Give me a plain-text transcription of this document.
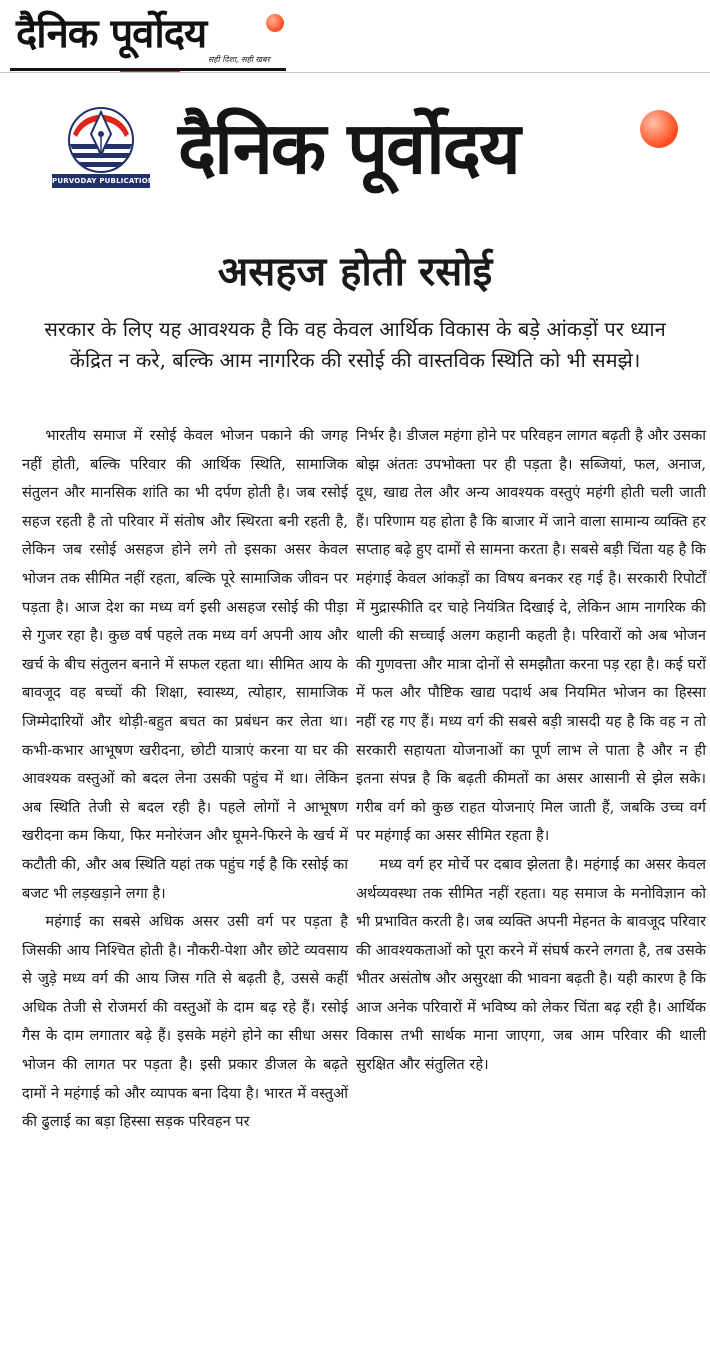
दैनिक पूर्वोदय
सही दिशा, सही खबर
PURVODAY PUBLICATIONS दैनिक पूर्वोदय
असहज होती रसोई
सरकार के लिए यह आवश्यक है कि वह केवल आर्थिक विकास के बड़े आंकड़ों पर ध्यान केंद्रित न करे, बल्कि आम नागरिक की रसोई की वास्तविक स्थिति को भी समझे।

भारतीय समाज में रसोई केवल भोजन पकाने की जगह नहीं होती, बल्कि परिवार की आर्थिक स्थिति, सामाजिक संतुलन और मानसिक शांति का भी दर्पण होती है। जब रसोई सहज रहती है तो परिवार में संतोष और स्थिरता बनी रहती है, लेकिन जब रसोई असहज होने लगे तो इसका असर केवल भोजन तक सीमित नहीं रहता, बल्कि पूरे सामाजिक जीवन पर पड़ता है। आज देश का मध्य वर्ग इसी असहज रसोई की पीड़ा से गुजर रहा है। कुछ वर्ष पहले तक मध्य वर्ग अपनी आय और खर्च के बीच संतुलन बनाने में सफल रहता था। सीमित आय के बावजूद वह बच्चों की शिक्षा, स्वास्थ्य, त्योहार, सामाजिक जिम्मेदारियों और थोड़ी-बहुत बचत का प्रबंधन कर लेता था। कभी-कभार आभूषण खरीदना, छोटी यात्राएं करना या घर की आवश्यक वस्तुओं को बदल लेना उसकी पहुंच में था। लेकिन अब स्थिति तेजी से बदल रही है। पहले लोगों ने आभूषण खरीदना कम किया, फिर मनोरंजन और घूमने-फिरने के खर्च में कटौती की, और अब स्थिति यहां तक पहुंच गई है कि रसोई का बजट भी लड़खड़ाने लगा है।

महंगाई का सबसे अधिक असर उसी वर्ग पर पड़ता है जिसकी आय निश्चित होती है। नौकरी-पेशा और छोटे व्यवसाय से जुड़े मध्य वर्ग की आय जिस गति से बढ़ती है, उससे कहीं अधिक तेजी से रोजमर्रा की वस्तुओं के दाम बढ़ रहे हैं। रसोई गैस के दाम लगातार बढ़े हैं। इसके महंगे होने का सीधा असर भोजन की लागत पर पड़ता है। इसी प्रकार डीजल के बढ़ते दामों ने महंगाई को और व्यापक बना दिया है। भारत में वस्तुओं की ढुलाई का बड़ा हिस्सा सड़क परिवहन पर

निर्भर है। डीजल महंगा होने पर परिवहन लागत बढ़ती है और उसका बोझ अंततः उपभोक्ता पर ही पड़ता है। सब्जियां, फल, अनाज, दूध, खाद्य तेल और अन्य आवश्यक वस्तुएं महंगी होती चली जाती हैं। परिणाम यह होता है कि बाजार में जाने वाला सामान्य व्यक्ति हर सप्ताह बढ़े हुए दामों से सामना करता है। सबसे बड़ी चिंता यह है कि महंगाई केवल आंकड़ों का विषय बनकर रह गई है। सरकारी रिपोर्टों में मुद्रास्फीति दर चाहे नियंत्रित दिखाई दे, लेकिन आम नागरिक की थाली की सच्चाई अलग कहानी कहती है। परिवारों को अब भोजन की गुणवत्ता और मात्रा दोनों से समझौता करना पड़ रहा है। कई घरों में फल और पौष्टिक खाद्य पदार्थ अब नियमित भोजन का हिस्सा नहीं रह गए हैं। मध्य वर्ग की सबसे बड़ी त्रासदी यह है कि वह न तो सरकारी सहायता योजनाओं का पूर्ण लाभ ले पाता है और न ही इतना संपन्न है कि बढ़ती कीमतों का असर आसानी से झेल सके। गरीब वर्ग को कुछ राहत योजनाएं मिल जाती हैं, जबकि उच्च वर्ग पर महंगाई का असर सीमित रहता है।

मध्य वर्ग हर मोर्चे पर दबाव झेलता है। महंगाई का असर केवल अर्थव्यवस्था तक सीमित नहीं रहता। यह समाज के मनोविज्ञान को भी प्रभावित करती है। जब व्यक्ति अपनी मेहनत के बावजूद परिवार की आवश्यकताओं को पूरा करने में संघर्ष करने लगता है, तब उसके भीतर असंतोष और असुरक्षा की भावना बढ़ती है। यही कारण है कि आज अनेक परिवारों में भविष्य को लेकर चिंता बढ़ रही है। आर्थिक विकास तभी सार्थक माना जाएगा, जब आम परिवार की थाली सुरक्षित और संतुलित रहे।
